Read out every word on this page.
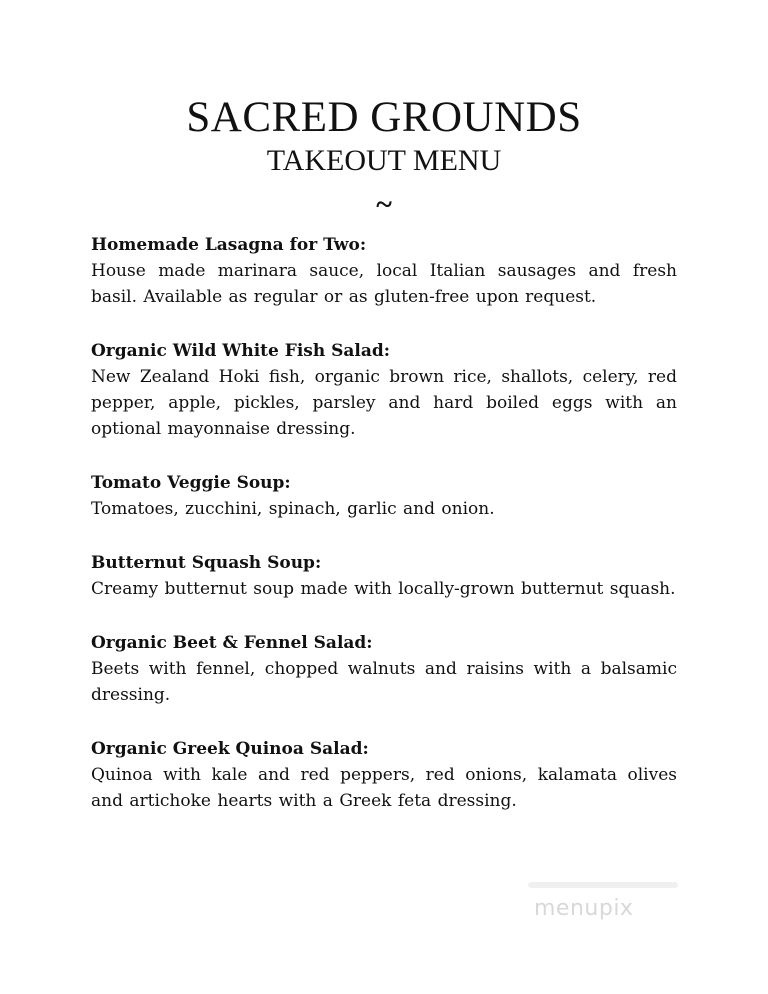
SACRED GROUNDS
TAKEOUT MENU
~

Homemade Lasagna for Two:

House made marinara sauce, local Italian sausages and fresh basil. Available as regular or as gluten-free upon request.

Organic Wild White Fish Salad:

New Zealand Hoki fish, organic brown rice, shallots, celery, red pepper, apple, pickles, parsley and hard boiled eggs with an optional mayonnaise dressing.

Tomato Veggie Soup:

Tomatoes, zucchini, spinach, garlic and onion.

Butternut Squash Soup:

Creamy butternut soup made with locally-grown butternut squash.

Organic Beet & Fennel Salad:

Beets with fennel, chopped walnuts and raisins with a balsamic dressing.

Organic Greek Quinoa Salad:

Quinoa with kale and red peppers, red onions, kalamata olives and artichoke hearts with a Greek feta dressing.

menupix
